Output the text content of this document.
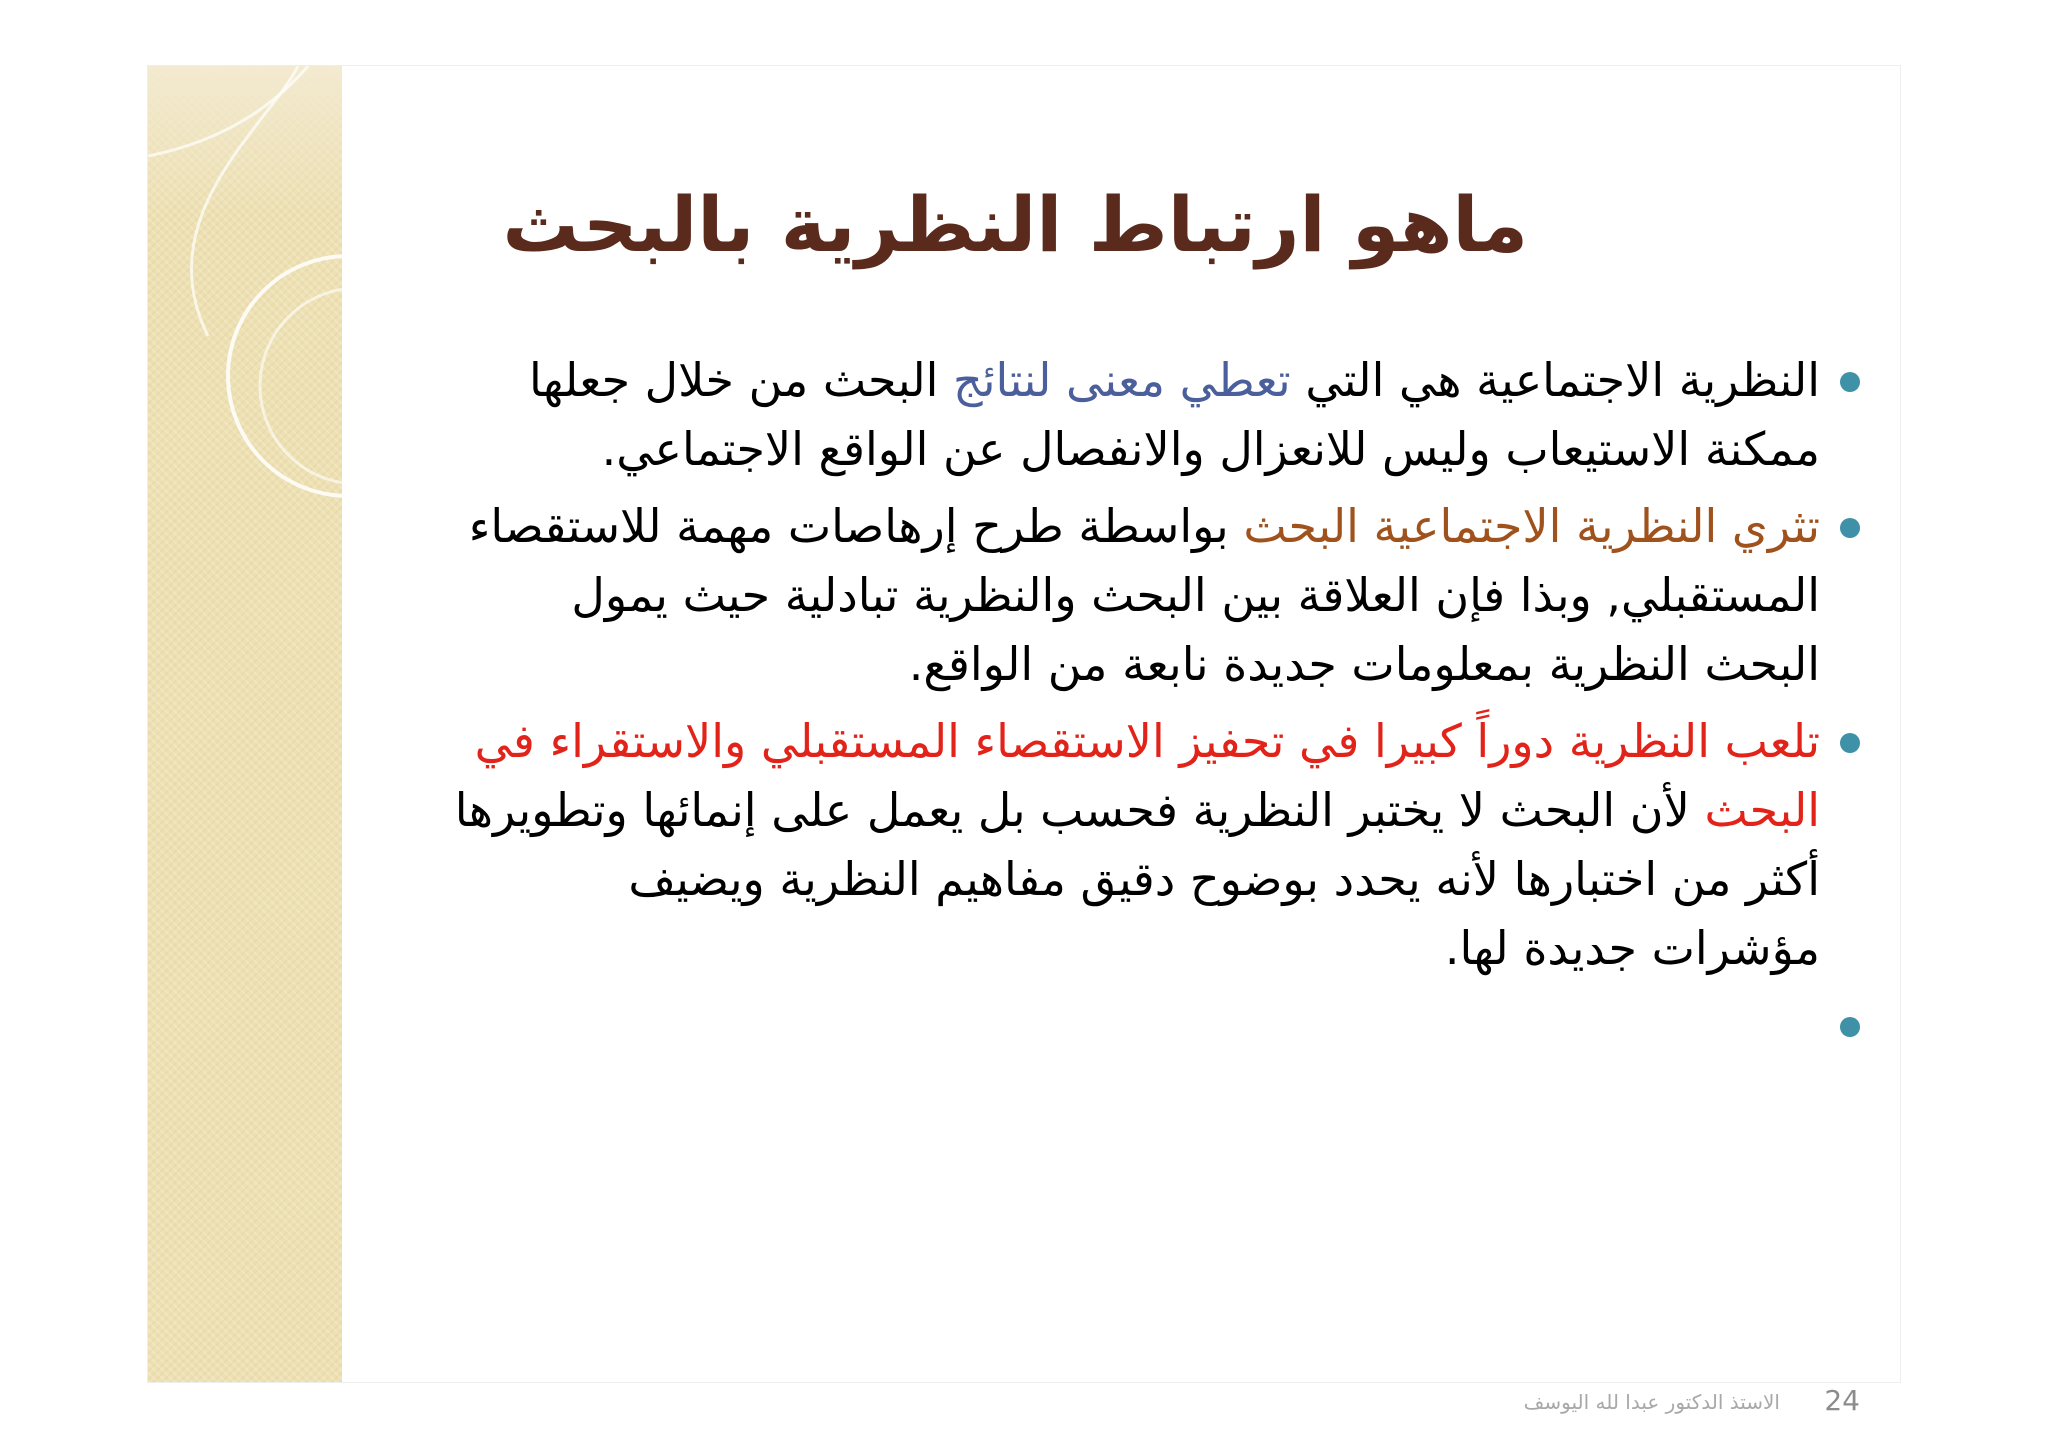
ماهو ارتباط النظرية بالبحث
النظرية الاجتماعية هي التي تعطي معنى لنتائج البحث من خلال جعلها ممكنة الاستيعاب وليس للانعزال والانفصال عن الواقع الاجتماعي.
تثري النظرية الاجتماعية البحث بواسطة طرح إرهاصات مهمة للاستقصاء المستقبلي, وبذا فإن العلاقة بين البحث والنظرية تبادلية حيث يمول البحث النظرية بمعلومات جديدة نابعة من الواقع.
تلعب النظرية دوراً كبيرا في تحفيز الاستقصاء المستقبلي والاستقراء في البحث لأن البحث لا يختبر النظرية فحسب بل يعمل على إنمائها وتطويرها أكثر من اختبارها لأنه يحدد بوضوح دقيق مفاهيم النظرية ويضيف مؤشرات جديدة لها.
الاستذ الدكتور عبدا لله اليوسف 24
